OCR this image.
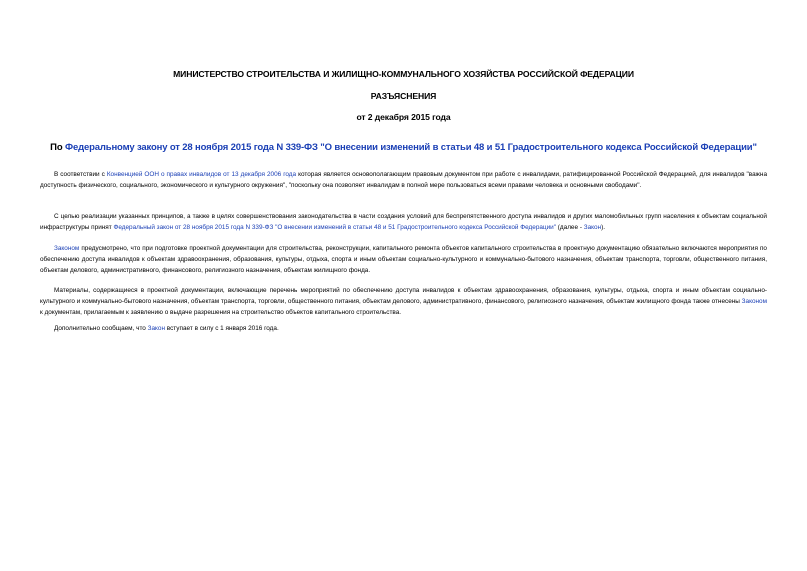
МИНИСТЕРСТВО СТРОИТЕЛЬСТВА И ЖИЛИЩНО-КОММУНАЛЬНОГО ХОЗЯЙСТВА РОССИЙСКОЙ ФЕДЕРАЦИИ
РАЗЪЯСНЕНИЯ
от 2 декабря 2015 года
По Федеральному закону от 28 ноября 2015 года N 339-ФЗ "О внесении изменений в статьи 48 и 51 Градостроительного кодекса Российской Федерации"
В соответствии с Конвенцией ООН о правах инвалидов от 13 декабря 2006 года которая является основополагающим правовым документом при работе с инвалидами, ратифицированной Российской Федерацией, для инвалидов "важна доступность физического, социального, экономического и культурного окружения", "поскольку она позволяет инвалидам в полной мере пользоваться всеми правами человека и основными свободами".
С целью реализации указанных принципов, а также в целях совершенствования законодательства в части создания условий для беспрепятственного доступа инвалидов и других маломобильных групп населения к объектам социальной инфраструктуры принят Федеральный закон от 28 ноября 2015 года N 339-ФЗ "О внесении изменений в статьи 48 и 51 Градостроительного кодекса Российской Федерации" (далее - Закон).
Законом предусмотрено, что при подготовке проектной документации для строительства, реконструкции, капитального ремонта объектов капитального строительства в проектную документацию обязательно включаются мероприятия по обеспечению доступа инвалидов к объектам здравоохранения, образования, культуры, отдыха, спорта и иным объектам социально-культурного и коммунально-бытового назначения, объектам транспорта, торговли, общественного питания, объектам делового, административного, финансового, религиозного назначения, объектам жилищного фонда.
Материалы, содержащиеся в проектной документации, включающие перечень мероприятий по обеспечению доступа инвалидов к объектам здравоохранения, образования, культуры, отдыха, спорта и иным объектам социально-культурного и коммунально-бытового назначения, объектам транспорта, торговли, общественного питания, объектам делового, административного, финансового, религиозного назначения, объектам жилищного фонда также отнесены Законом к документам, прилагаемым к заявлению о выдаче разрешения на строительство объектов капитального строительства.
Дополнительно сообщаем, что Закон вступает в силу с 1 января 2016 года.
